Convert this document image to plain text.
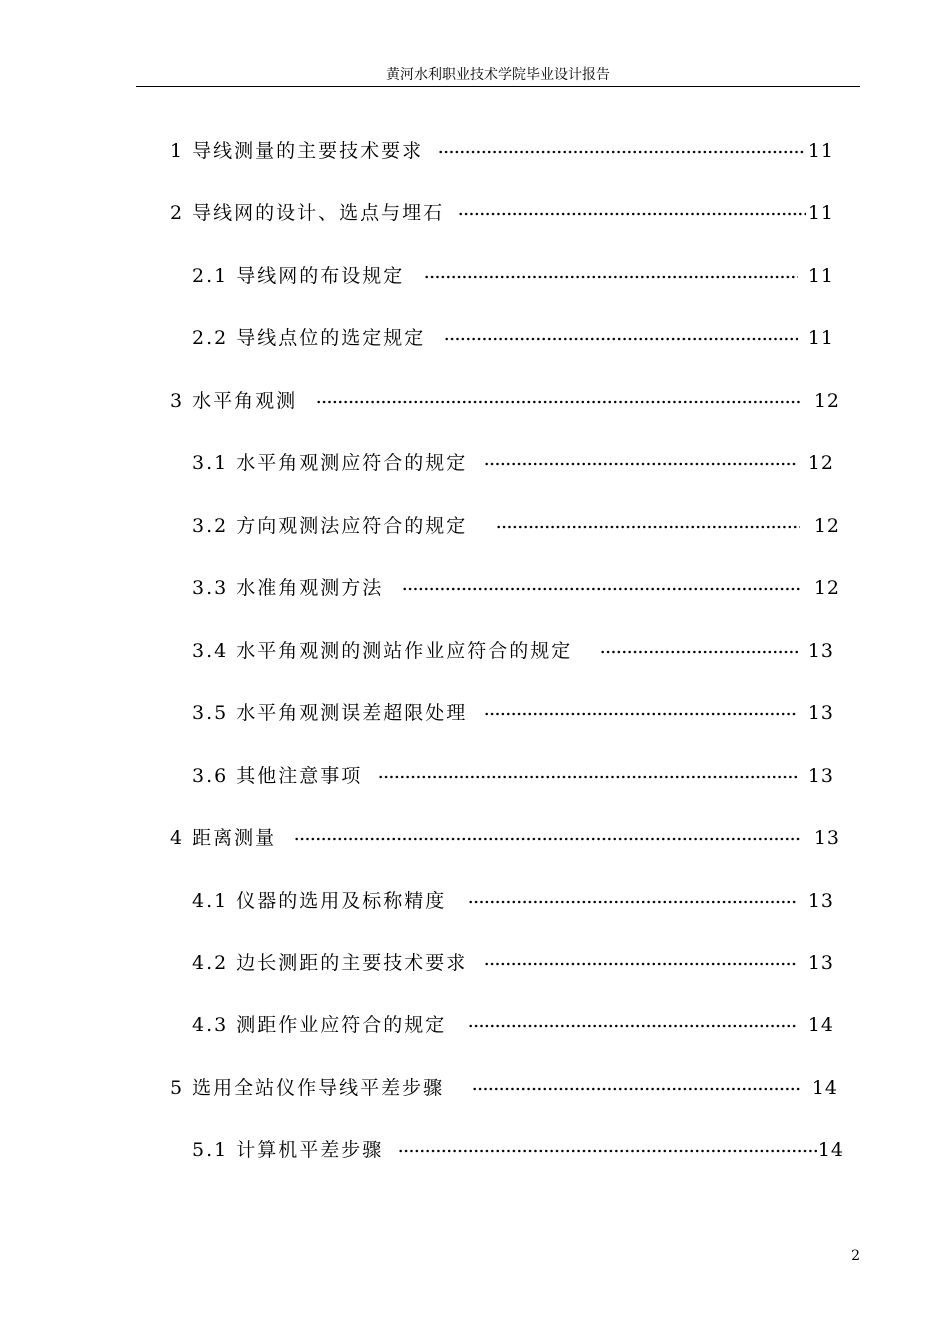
黄河水利职业技术学院毕业设计报告
1 导线测量的主要技术要求	11
2 导线网的设计、选点与埋石	11
2.1 导线网的布设规定	11
2.2 导线点位的选定规定	11
3 水平角观测	12
3.1 水平角观测应符合的规定	12
3.2 方向观测法应符合的规定	12
3.3 水准角观测方法	12
3.4 水平角观测的测站作业应符合的规定	13
3.5 水平角观测误差超限处理	13
3.6 其他注意事项	13
4 距离测量	13
4.1 仪器的选用及标称精度	13
4.2 边长测距的主要技术要求	13
4.3 测距作业应符合的规定	14
5 选用全站仪作导线平差步骤	14
5.1 计算机平差步骤	14
2
